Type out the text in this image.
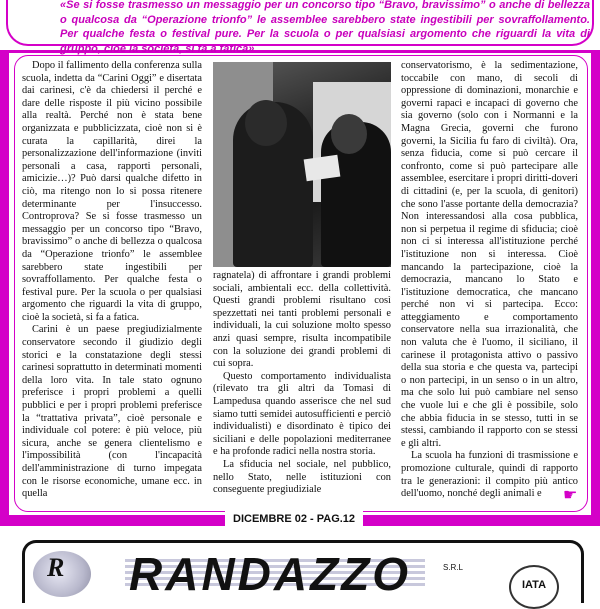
«Se si fosse trasmesso un messaggio per un concorso tipo “Bravo, bravissimo” o anche di bellezza o qualcosa da “Operazione trionfo” le assemblee sarebbero state ingestibili per sovraffollamento. Per qualche festa o festival pure. Per la scuola o per qualsiasi argomento che riguardi la vita di gruppo, cioè la società, si fa a fatica»

Dopo il fallimento della conferenza sulla scuola, indetta da “Carini Oggi” e disertata dai carinesi, c'è da chiedersi il perché e dare delle risposte il più vicino possibile alla realtà. Perché non è stata bene organizzata e pubblicizzata, cioè non si è curata la capillarità, direi la personalizzazione dell'informazione (inviti personali a casa, rapporti personali, amicizie…)? Può darsi qualche difetto in ciò, ma ritengo non lo si possa ritenere determinante per l'insuccesso. Controprova? Se si fosse trasmesso un messaggio per un concorso tipo “Bravo, bravissimo” o anche di bellezza o qualcosa da “Operazione trionfo” le assemblee sarebbero state ingestibili per sovraffollamento. Per qualche festa o festival pure. Per la scuola o per qualsiasi argomento che riguardi la vita di gruppo, cioè la società, si fa a fatica.

Carini è un paese pregiudizialmente conservatore secondo il giudizio degli storici e la constatazione degli stessi carinesi soprattutto in determinati momenti della loro vita. In tale stato ognuno preferisce i propri problemi a quelli pubblici e per i propri problemi preferisce la “trattativa privata”, cioè personale e individuale col potere: è più veloce, più sicura, anche se genera clientelismo e l'impossibilità (con l'incapacità dell'amministrazione di turno impegata con le risorse economiche, umane ecc. in quella

ragnatela) di affrontare i grandi problemi sociali, ambientali ecc. della collettività. Questi grandi problemi risultano così spezzettati nei tanti problemi personali e individuali, la cui soluzione molto spesso anzi quasi sempre, risulta incompatibile con la soluzione dei grandi problemi di cui sopra.

Questo comportamento individualista (rilevato tra gli altri da Tomasi di Lampedusa quando asserisce che nel sud siamo tutti semidei autosufficienti e perciò individualisti) e disordinato è tipico dei siciliani e delle popolazioni mediterranee e ha profonde radici nella nostra storia.

La sfiducia nel sociale, nel pubblico, nello Stato, nelle istituzioni con conseguente pregiudiziale

conservatorismo, è la sedimentazione, toccabile con mano, di secoli di oppressione di dominazioni, monarchie e governi rapaci e incapaci di governo che sia governo (solo con i Normanni e la Magna Grecia, governi che furono governi, la Sicilia fu faro di civiltà). Ora, senza fiducia, come si può cercare il confronto, come si può partecipare alle assemblee, esercitare i propri diritti-doveri di cittadini (e, per la scuola, di genitori) che sono l'asse portante della democrazia? Non interessandosi alla cosa pubblica, non si perpetua il regime di sfiducia; cioè non ci si interessa all'istituzione perché l'istituzione non si interessa. Cioè mancando la partecipazione, cioè la democrazia, mancano lo Stato e l'istituzione democratica, che mancano perché non vi si partecipa. Ecco: atteggiamento e comportamento conservatore nella sua irrazionalità, che non valuta che è l'uomo, il siciliano, il carinese il protagonista attivo o passivo della sua storia e che questa va, partecipi o non partecipi, in un senso o in un altro, ma che solo lui può cambiare nel senso che vuole lui e che gli è possibile, solo che abbia fiducia in se stesso, tutti in se stessi, cambiando il rapporto con se stessi e gli altri.

La scuola ha funzioni di trasmissione e promozione culturale, quindi di rapporto tra le generazioni: il compito più antico dell'uomo, nonché degli animali e	☛
DICEMBRE 02 - PAG.12
R RANDAZZO	S.R.L
IATA
